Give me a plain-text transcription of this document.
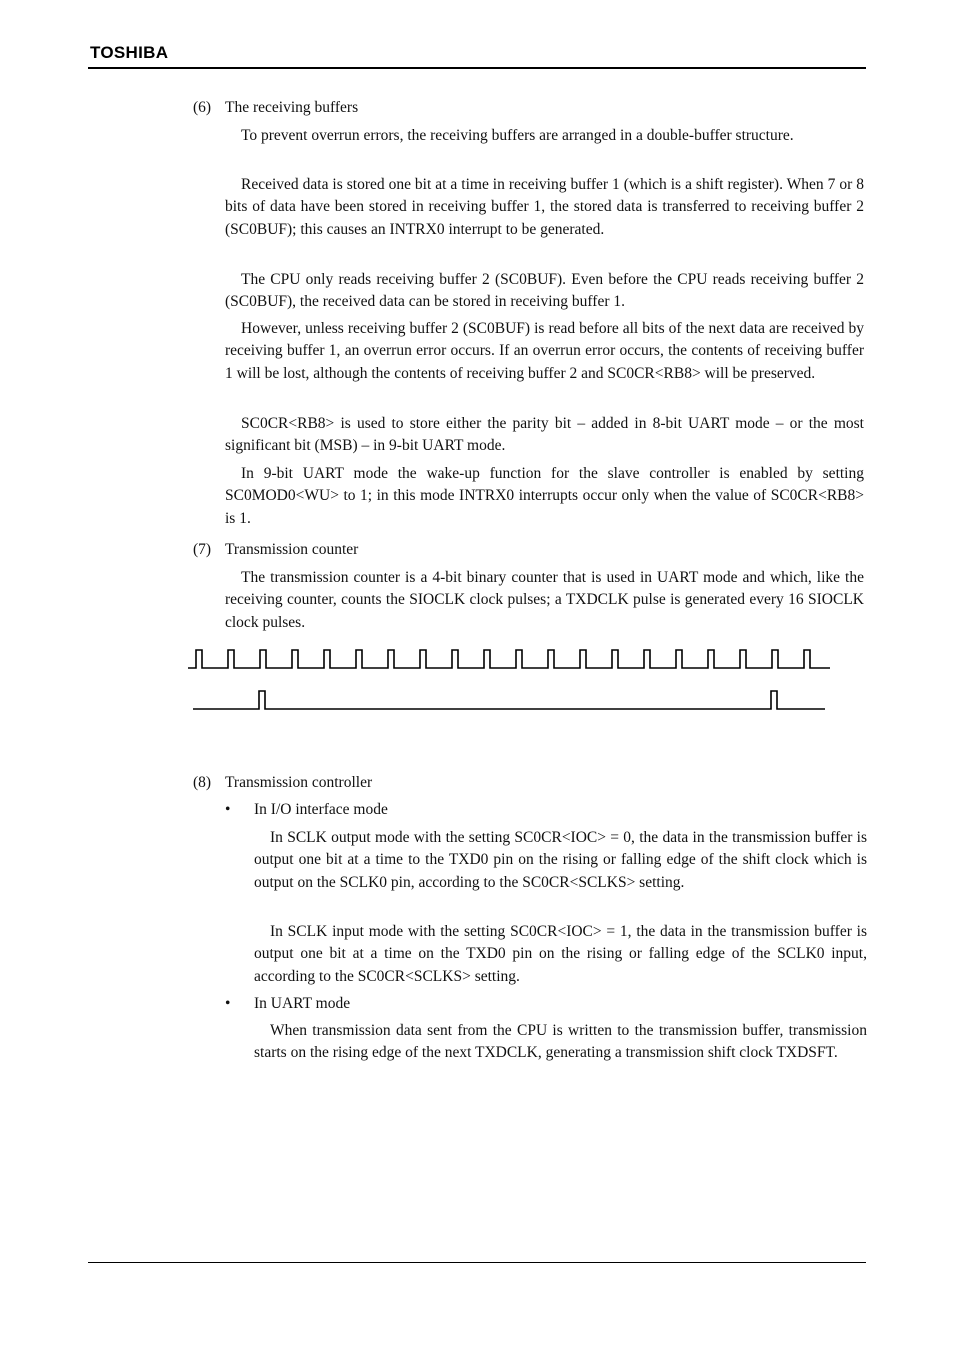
TOSHIBA
(6) The receiving buffers

To prevent overrun errors, the receiving buffers are arranged in a double-buffer structure.

Received data is stored one bit at a time in receiving buffer 1 (which is a shift register). When 7 or 8 bits of data have been stored in receiving buffer 1, the stored data is transferred to receiving buffer 2 (SC0BUF); this causes an INTRX0 interrupt to be generated.

The CPU only reads receiving buffer 2 (SC0BUF). Even before the CPU reads receiving buffer 2 (SC0BUF), the received data can be stored in receiving buffer 1.

However, unless receiving buffer 2 (SC0BUF) is read before all bits of the next data are received by receiving buffer 1, an overrun error occurs. If an overrun error occurs, the contents of receiving buffer 1 will be lost, although the contents of receiving buffer 2 and SC0CR<RB8> will be preserved.

SC0CR<RB8> is used to store either the parity bit – added in 8-bit UART mode – or the most significant bit (MSB) – in 9-bit UART mode.

In 9-bit UART mode the wake-up function for the slave controller is enabled by setting SC0MOD0<WU> to 1; in this mode INTRX0 interrupts occur only when the value of SC0CR<RB8> is 1.

(7) Transmission counter

The transmission counter is a 4-bit binary counter that is used in UART mode and which, like the receiving counter, counts the SIOCLK clock pulses; a TXDCLK pulse is generated every 16 SIOCLK clock pulses.

(8) Transmission controller
• In I/O interface mode

In SCLK output mode with the setting SC0CR<IOC> = 0, the data in the transmission buffer is output one bit at a time to the TXD0 pin on the rising or falling edge of the shift clock which is output on the SCLK0 pin, according to the SC0CR<SCLKS> setting.

In SCLK input mode with the setting SC0CR<IOC> = 1, the data in the transmission buffer is output one bit at a time on the TXD0 pin on the rising or falling edge of the SCLK0 input, according to the SC0CR<SCLKS> setting.

• In UART mode

When transmission data sent from the CPU is written to the transmission buffer, transmission starts on the rising edge of the next TXDCLK, generating a transmission shift clock TXDSFT.
